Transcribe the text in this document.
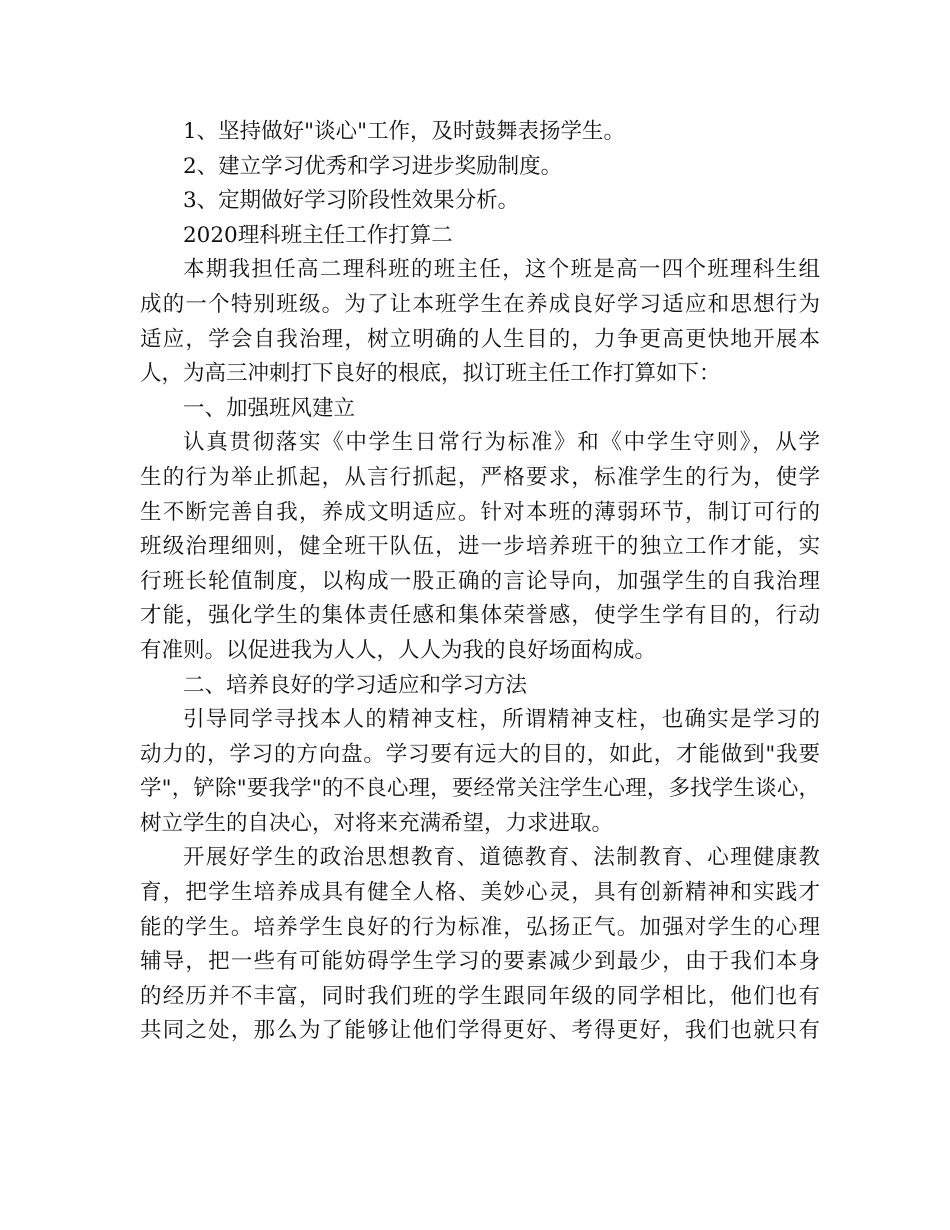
1、坚持做好"谈心"工作，及时鼓舞表扬学生。
2、建立学习优秀和学习进步奖励制度。
3、定期做好学习阶段性效果分析。
2020理科班主任工作打算二
本期我担任高二理科班的班主任，这个班是高一四个班理科生组
成的一个特别班级。为了让本班学生在养成良好学习适应和思想行为
适应，学会自我治理，树立明确的人生目的，力争更高更快地开展本
人，为高三冲刺打下良好的根底，拟订班主任工作打算如下：
一、加强班风建立
认真贯彻落实《中学生日常行为标准》和《中学生守则》，从学
生的行为举止抓起，从言行抓起，严格要求，标准学生的行为，使学
生不断完善自我，养成文明适应。针对本班的薄弱环节，制订可行的
班级治理细则，健全班干队伍，进一步培养班干的独立工作才能，实
行班长轮值制度，以构成一股正确的言论导向，加强学生的自我治理
才能，强化学生的集体责任感和集体荣誉感，使学生学有目的，行动
有准则。以促进我为人人，人人为我的良好场面构成。
二、培养良好的学习适应和学习方法
引导同学寻找本人的精神支柱，所谓精神支柱，也确实是学习的
动力的，学习的方向盘。学习要有远大的目的，如此，才能做到"我要
学"，铲除"要我学"的不良心理，要经常关注学生心理，多找学生谈心，
树立学生的自决心，对将来充满希望，力求进取。
开展好学生的政治思想教育、道德教育、法制教育、心理健康教
育，把学生培养成具有健全人格、美妙心灵，具有创新精神和实践才
能的学生。培养学生良好的行为标准，弘扬正气。加强对学生的心理
辅导，把一些有可能妨碍学生学习的要素减少到最少，由于我们本身
的经历并不丰富，同时我们班的学生跟同年级的同学相比，他们也有
共同之处，那么为了能够让他们学得更好、考得更好，我们也就只有
